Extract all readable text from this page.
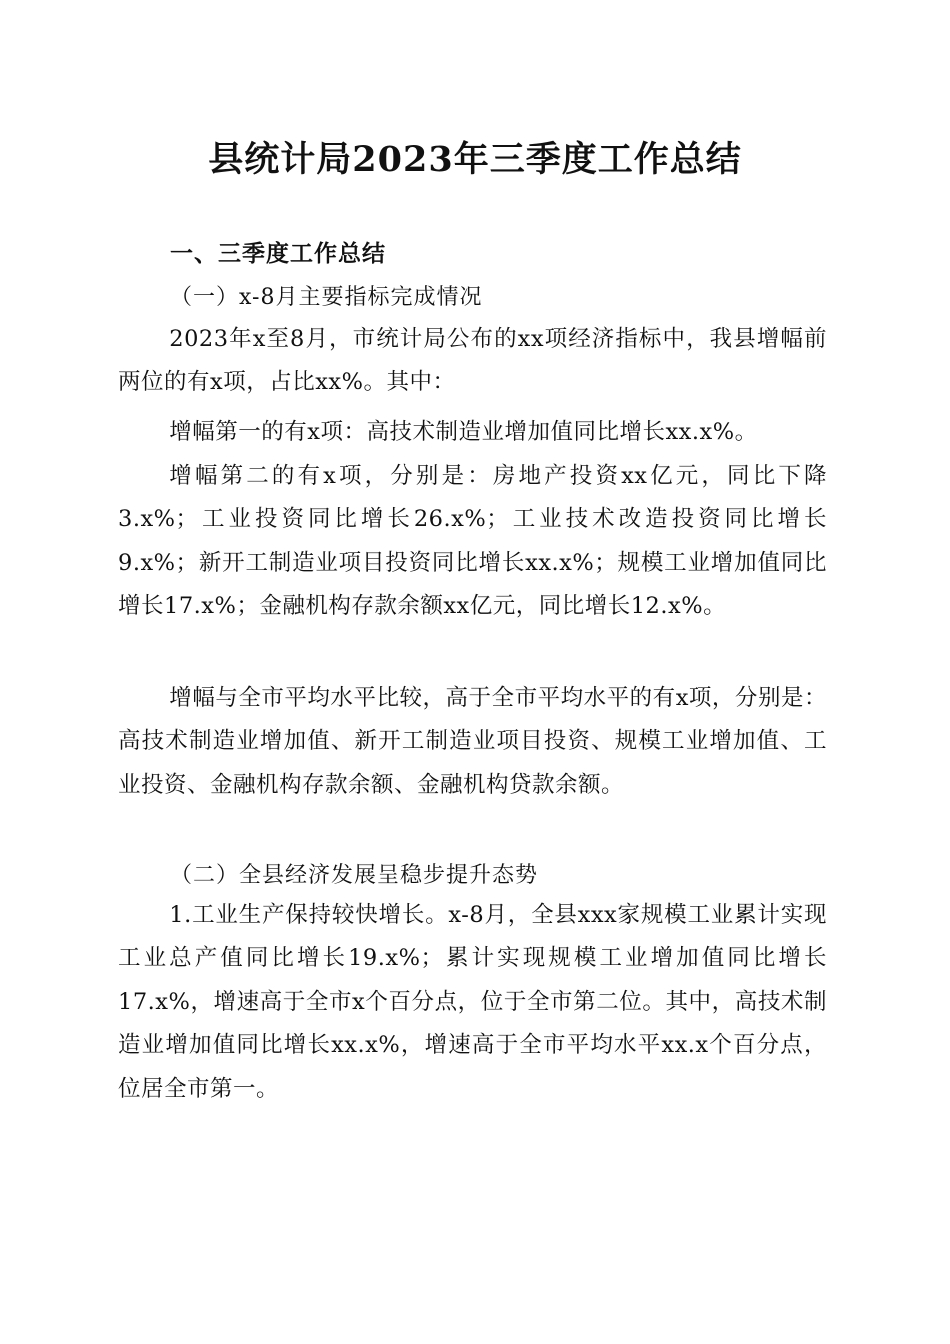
县统计局2023年三季度工作总结
一、三季度工作总结
（一）x-8月主要指标完成情况

2023年x至8月，市统计局公布的xx项经济指标中，我县增幅前两位的有x项，占比xx%。其中：

增幅第一的有x项：高技术制造业增加值同比增长xx.x%。

增幅第二的有x项，分别是：房地产投资xx亿元，同比下降3.x%；工业投资同比增长26.x%；工业技术改造投资同比增长9.x%；新开工制造业项目投资同比增长xx.x%；规模工业增加值同比增长17.x%；金融机构存款余额xx亿元，同比增长12.x%。

增幅与全市平均水平比较，高于全市平均水平的有x项，分别是：高技术制造业增加值、新开工制造业项目投资、规模工业增加值、工业投资、金融机构存款余额、金融机构贷款余额。

（二）全县经济发展呈稳步提升态势

1.工业生产保持较快增长。x-8月，全县xxx家规模工业累计实现工业总产值同比增长19.x%；累计实现规模工业增加值同比增长17.x%，增速高于全市x个百分点，位于全市第二位。其中，高技术制造业增加值同比增长xx.x%，增速高于全市平均水平xx.x个百分点，位居全市第一。
